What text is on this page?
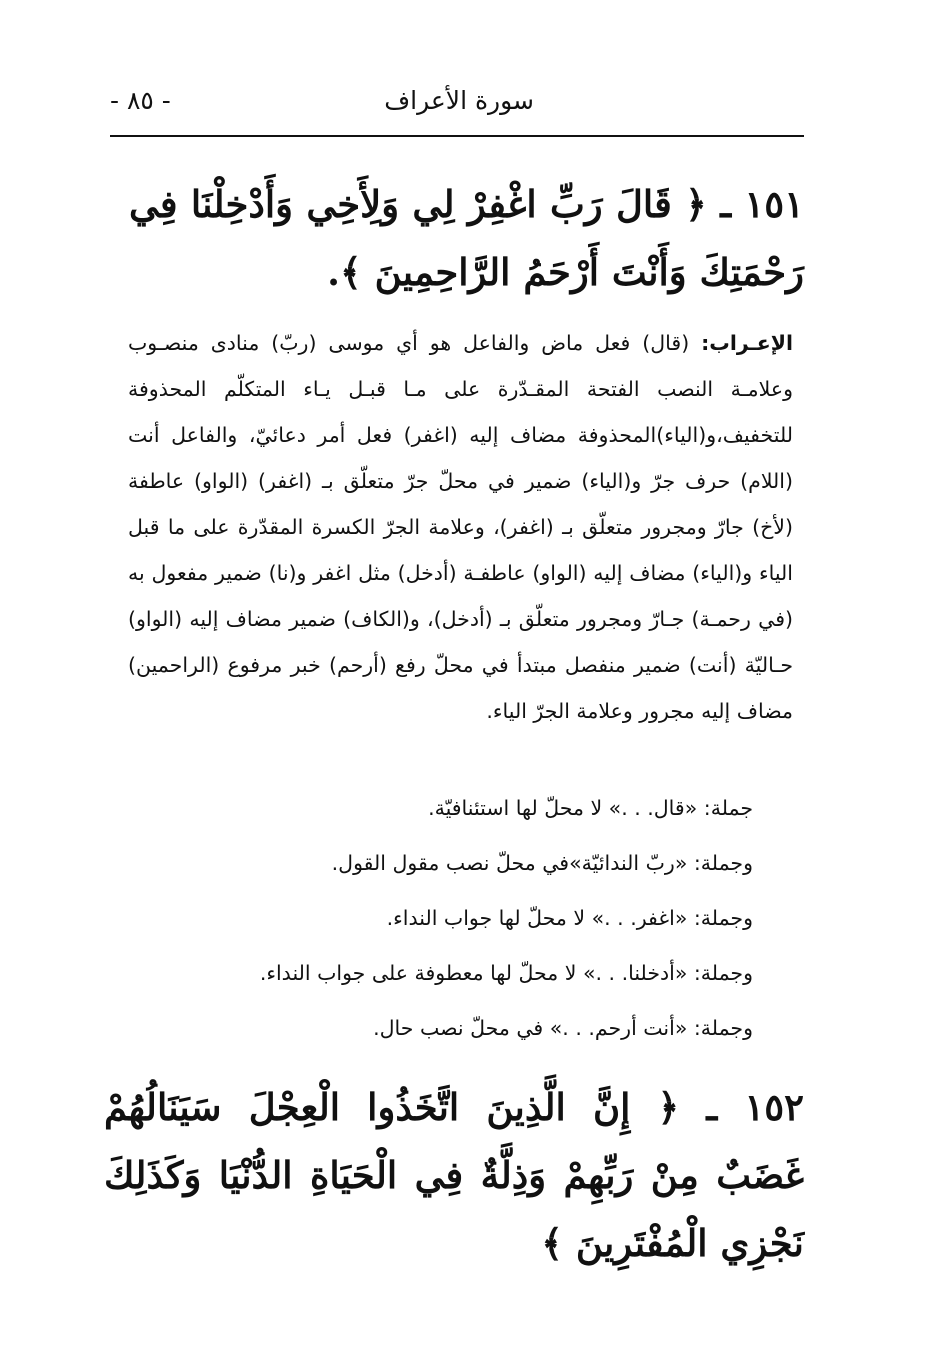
سورة الأعراف
- ٨٥ -
١٥١ ـ ﴿ قَالَ رَبِّ اغْفِرْ لِي وَلِأَخِي وَأَدْخِلْنَا فِي رَحْمَتِكَ وَأَنْتَ أَرْحَمُ الرَّاحِمِينَ ﴾.
الإعـراب: (قال) فعل ماض والفاعل هو أي موسى (ربّ) منادى منصـوب وعلامـة النصب الفتحة المقـدّرة على مـا قبـل يـاء المتكلّم المحذوفة للتخفيف،و(الياء)المحذوفة مضاف إليه (اغفر) فعل أمر دعائيّ، والفاعل أنت (اللام) حرف جرّ و(الياء) ضمير في محلّ جرّ متعلّق بـ (اغفر) (الواو) عاطفة (لأخ) جارّ ومجرور متعلّق بـ (اغفر)، وعلامة الجرّ الكسرة المقدّرة على ما قبل الياء و(الياء) مضاف إليه (الواو) عاطفـة (أدخل) مثل اغفر و(نا) ضمير مفعول به (في رحمـة) جـارّ ومجرور متعلّق بـ (أدخل)، و(الكاف) ضمير مضاف إليه (الواو) حـاليّة (أنت) ضمير منفصل مبتدأ في محلّ رفع (أرحم) خبر مرفوع (الراحمين) مضاف إليه مجرور وعلامة الجرّ الياء.
جملة: «قال. . .» لا محلّ لها استئنافيّة.
وجملة: «ربّ الندائيّة»في محلّ نصب مقول القول.
وجملة: «اغفر. . .» لا محلّ لها جواب النداء.
وجملة: «أدخلنا. . .» لا محلّ لها معطوفة على جواب النداء.
وجملة: «أنت أرحم. . .» في محلّ نصب حال.
١٥٢ ـ ﴿ إِنَّ الَّذِينَ اتَّخَذُوا الْعِجْلَ سَيَنَالُهُمْ غَضَبٌ مِنْ رَبِّهِمْ وَذِلَّةٌ فِي الْحَيَاةِ الدُّنْيَا وَكَذَلِكَ نَجْزِي الْمُفْتَرِينَ ﴾
